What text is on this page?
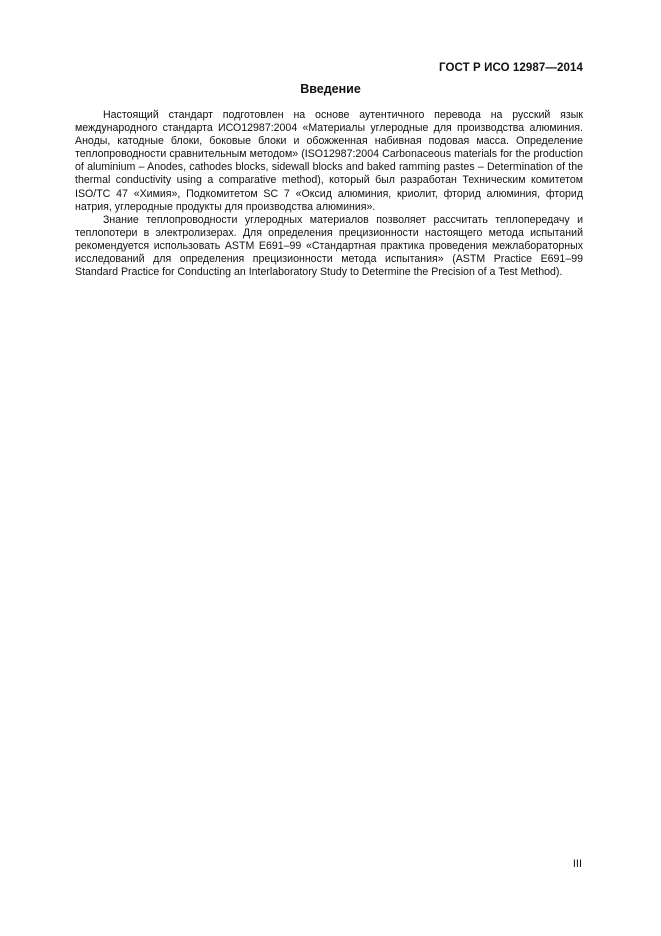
ГОСТ Р ИСО 12987—2014
Введение

Настоящий стандарт подготовлен на основе аутентичного перевода на русский язык международного стандарта ИСО12987:2004 «Материалы углеродные для производства алюминия. Аноды, катодные блоки, боковые блоки и обожженная набивная подовая масса. Определение теплопроводности сравнительным методом» (ISO12987:2004 Carbonaceous materials for the production of aluminium – Anodes, cathodes blocks, sidewall blocks and baked ramming pastes – Determination of the thermal conductivity using a comparative method), который был разработан Техническим комитетом ISO/TC 47 «Химия», Подкомитетом SC 7 «Оксид алюминия, криолит, фторид алюминия, фторид натрия, углеродные продукты для производства алюминия».

Знание теплопроводности углеродных материалов позволяет рассчитать теплопередачу и теплопотери в электролизерах. Для определения прецизионности настоящего метода испытаний рекомендуется использовать ASTM E691–99 «Стандартная практика проведения межлабораторных исследований для определения прецизионности метода испытания» (ASTM Practice E691–99 Standard Practice for Conducting an Interlaboratory Study to Determine the Precision of a Test Method).

III
